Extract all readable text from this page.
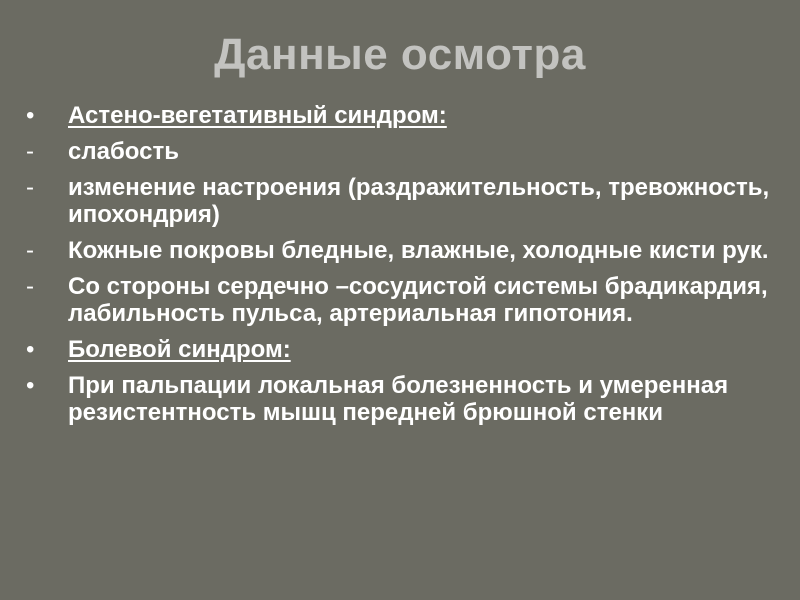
Данные осмотра
•	Астено-вегетативный синдром:
-	слабость
-	изменение настроения (раздражительность, тревожность, ипохондрия)
-	Кожные покровы бледные, влажные, холодные кисти рук.
-	Со стороны сердечно –сосудистой системы брадикардия, лабильность пульса, артериальная гипотония.
•	Болевой синдром:
•	При пальпации локальная болезненность и умеренная резистентность мышц передней брюшной стенки
